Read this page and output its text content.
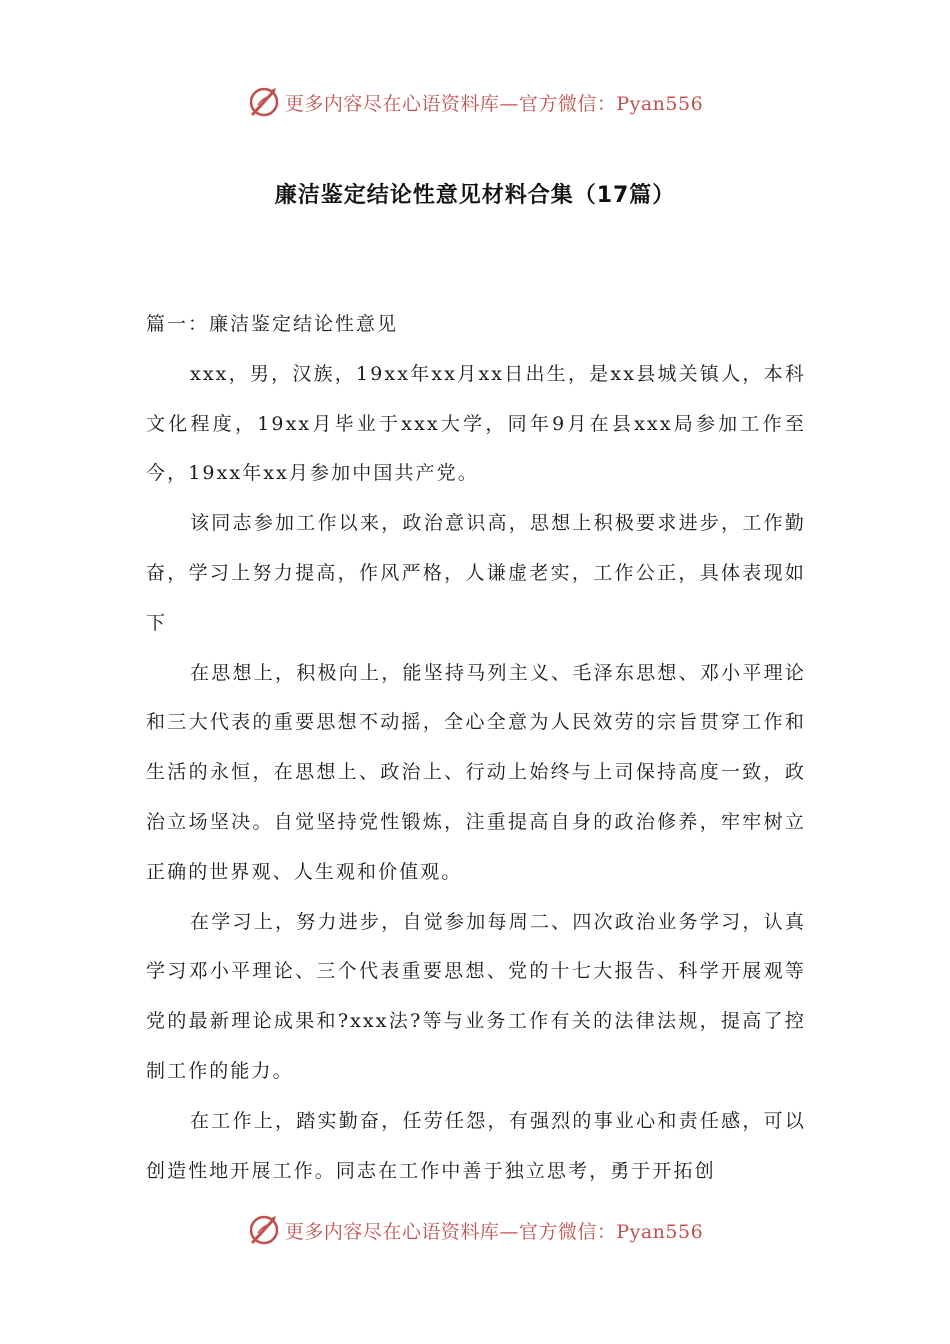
更多内容尽在心语资料库—官方微信：Pyan556
廉洁鉴定结论性意见材料合集（17篇）

篇一：廉洁鉴定结论性意见

xxx，男，汉族，19xx年xx月xx日出生，是xx县城关镇人，本科文化程度，19xx月毕业于xxx大学，同年9月在县xxx局参加工作至今，19xx年xx月参加中国共产党。

该同志参加工作以来，政治意识高，思想上积极要求进步，工作勤奋，学习上努力提高，作风严格，人谦虚老实，工作公正，具体表现如下

在思想上，积极向上，能坚持马列主义、毛泽东思想、邓小平理论和三大代表的重要思想不动摇，全心全意为人民效劳的宗旨贯穿工作和生活的永恒，在思想上、政治上、行动上始终与上司保持高度一致，政治立场坚决。自觉坚持党性锻炼，注重提高自身的政治修养，牢牢树立正确的世界观、人生观和价值观。

在学习上，努力进步，自觉参加每周二、四次政治业务学习，认真学习邓小平理论、三个代表重要思想、党的十七大报告、科学开展观等党的最新理论成果和?xxx法?等与业务工作有关的法律法规，提高了控制工作的能力。

在工作上，踏实勤奋，任劳任怨，有强烈的事业心和责任感，可以创造性地开展工作。同志在工作中善于独立思考，勇于开拓创

更多内容尽在心语资料库—官方微信：Pyan556
